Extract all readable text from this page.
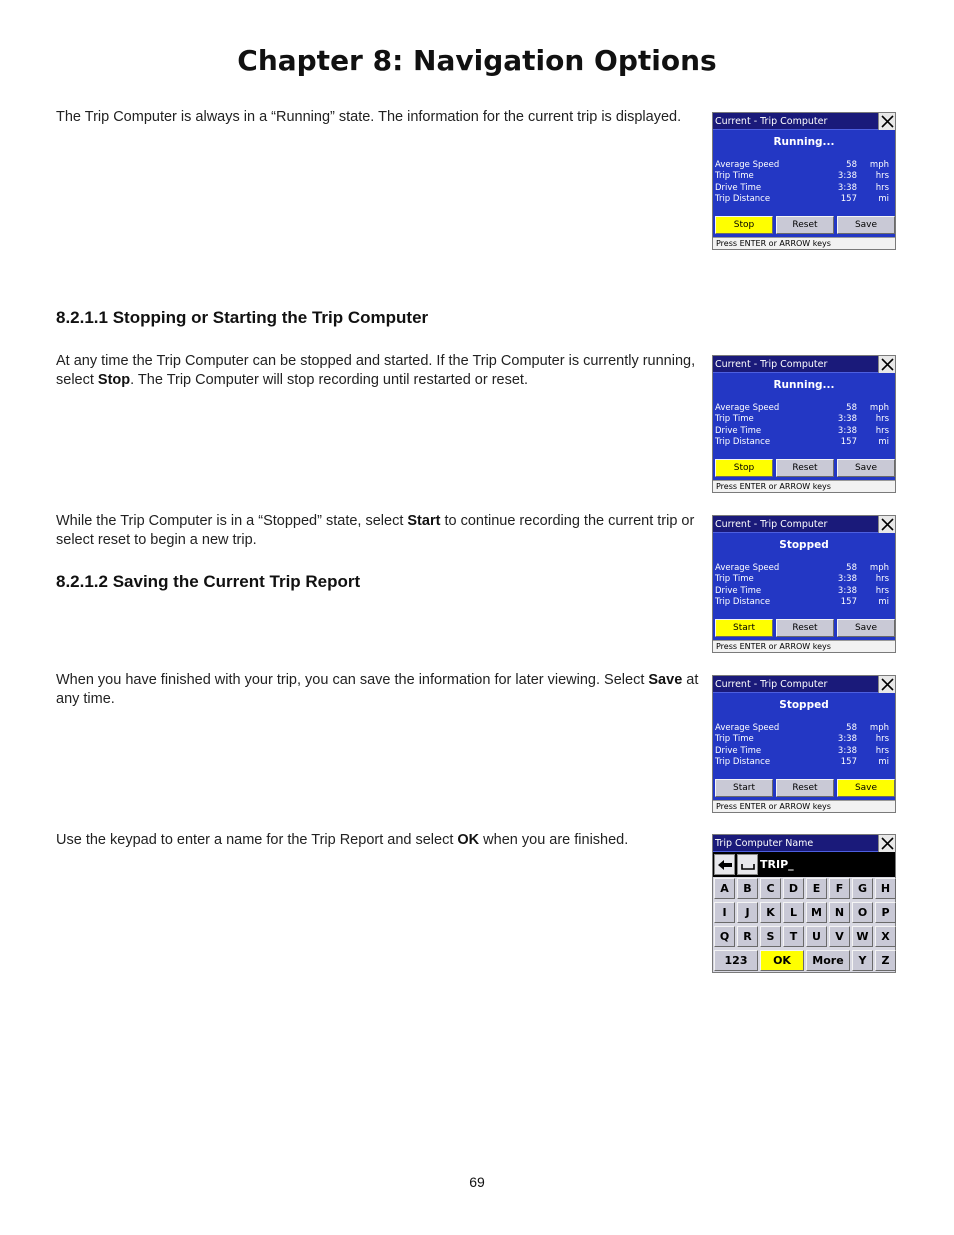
Chapter 8: Navigation Options
The Trip Computer is always in a “Running” state. The information for the current trip is displayed.	Current - Trip Computer
Running...
Average Speed	58 mph
Trip Time	3:38 hrs
Drive Time	3:38 hrs
Trip Distance	157	mi
Stop	Reset	Save
Press ENTER or ARROW keys
8.2.1.1 Stopping or Starting the Trip Computer
At any time the Trip Computer can be stopped and started. If the Trip Computer is currently running, select Stop. The Trip Computer will stop recording until restarted or reset.
Current - Trip Computer
Running...
Average Speed	58 mph
Trip Time	3:38 hrs
Drive Time	3:38 hrs
Trip Distance	157	mi
Stop	Reset	Save
Press ENTER or ARROW keys
While the Trip Computer is in a “Stopped” state, select Start to continue recording the current trip or select reset to begin a new trip.
Current - Trip Computer
Stopped
Average Speed	58 mph
Trip Time	3:38 hrs
Drive Time	3:38 hrs
Trip Distance	157	mi
Start	Reset	Save
Press ENTER or ARROW keys
8.2.1.2 Saving the Current Trip Report
When you have finished with your trip, you can save the information for later viewing. Select Save at any time.
Current - Trip Computer
Stopped
Average Speed	58 mph
Trip Time	3:38 hrs
Drive Time	3:38 hrs
Trip Distance	157	mi
Start	Reset	Save
Press ENTER or ARROW keys
Use the keypad to enter a name for the Trip Report and select OK when you are finished.	Trip Computer Name
TRIP_
A	B	C	D	E	F	G	H
I	J	K	L	M	N	O	P
Q	R	S	T	U	V	W	X
123	OK	More	Y	Z
69
